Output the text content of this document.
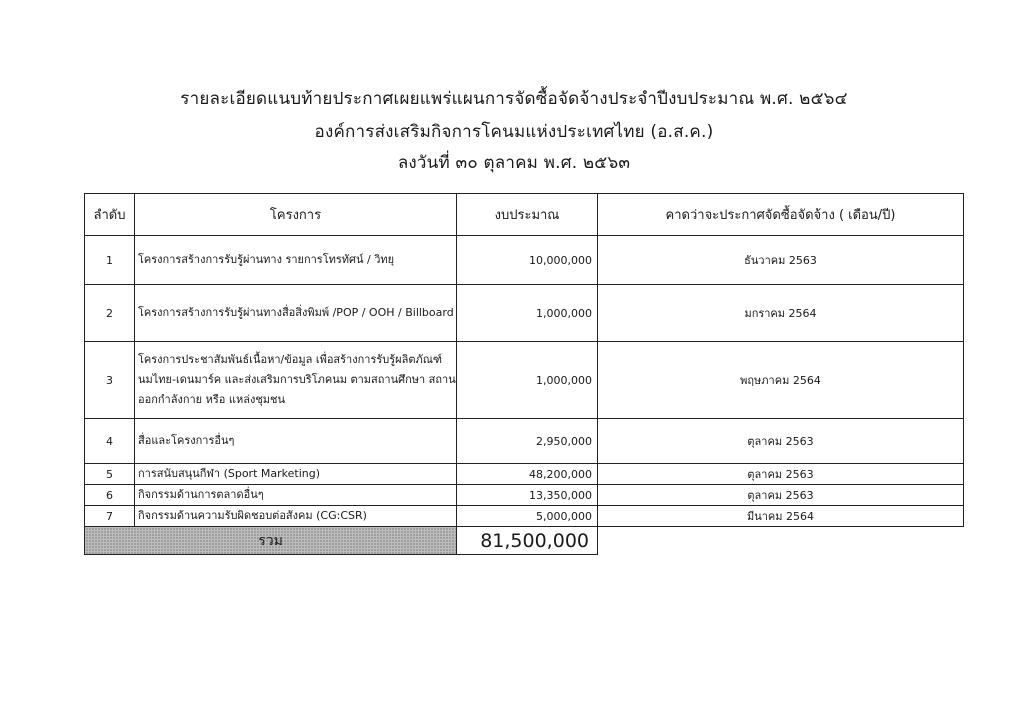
รายละเอียดแนบท้ายประกาศเผยแพร่แผนการจัดซื้อจัดจ้างประจำปีงบประมาณ พ.ศ. ๒๕๖๔
องค์การส่งเสริมกิจการโคนมแห่งประเทศไทย (อ.ส.ค.)
ลงวันที่ ๓๐ ตุลาคม พ.ศ. ๒๕๖๓
ลำดับ	โครงการ	งบประมาณ	คาดว่าจะประกาศจัดซื้อจัดจ้าง ( เดือน/ปี)
1	โครงการสร้างการรับรู้ผ่านทาง รายการโทรทัศน์ / วิทยุ	10,000,000	ธันวาคม 2563
2	โครงการสร้างการรับรู้ผ่านทางสื่อสิ่งพิมพ์ /POP / OOH / Billboard	1,000,000	มกราคม 2564
3	โครงการประชาสัมพันธ์เนื้อหา/ข้อมูล เพื่อสร้างการรับรู้ผลิตภัณฑ์นมไทย-เดนมาร์ค และส่งเสริมการบริโภคนม ตามสถานศึกษา สถานออกกำลังกาย หรือ แหล่งชุมชน	1,000,000	พฤษภาคม 2564
4	สื่อและโครงการอื่นๆ	2,950,000	ตุลาคม 2563
5	การสนับสนุนกีฬา (Sport Marketing)	48,200,000	ตุลาคม 2563
6	กิจกรรมด้านการตลาดอื่นๆ	13,350,000	ตุลาคม 2563
7	กิจกรรมด้านความรับผิดชอบต่อสังคม (CG:CSR)	5,000,000	มีนาคม 2564
รวม		81,500,000	
